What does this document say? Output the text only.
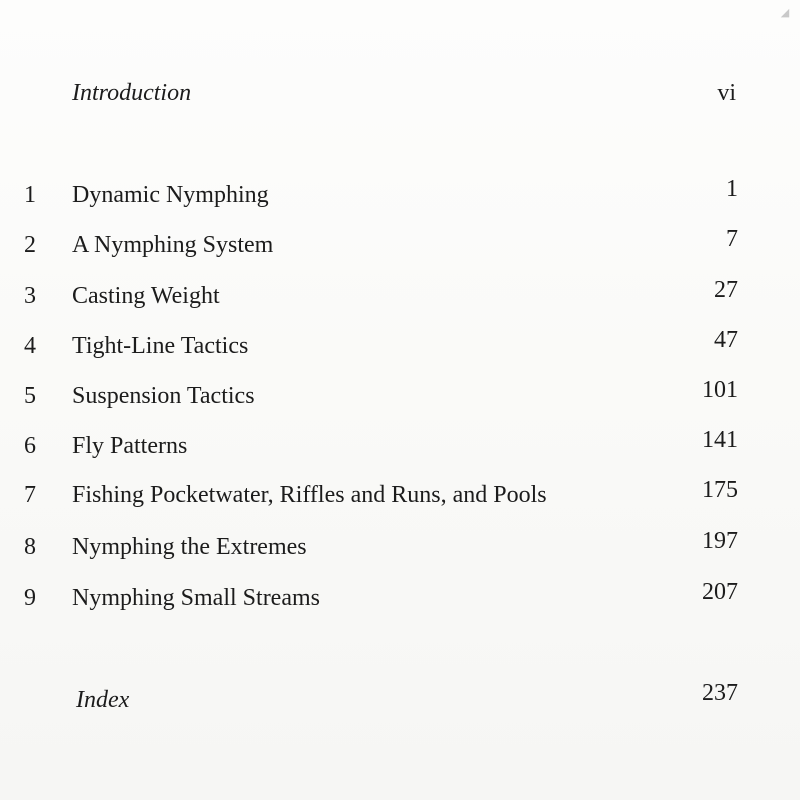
◢
Introduction	vi
1 Dynamic Nymphing	1
2 A Nymphing System	7
3 Casting Weight	27
4 Tight-Line Tactics	47
5 Suspension Tactics	101
6 Fly Patterns	141
7 Fishing Pocketwater, Riffles and Runs, and Pools	175
8 Nymphing the Extremes	197
9 Nymphing Small Streams	207
Index	237
